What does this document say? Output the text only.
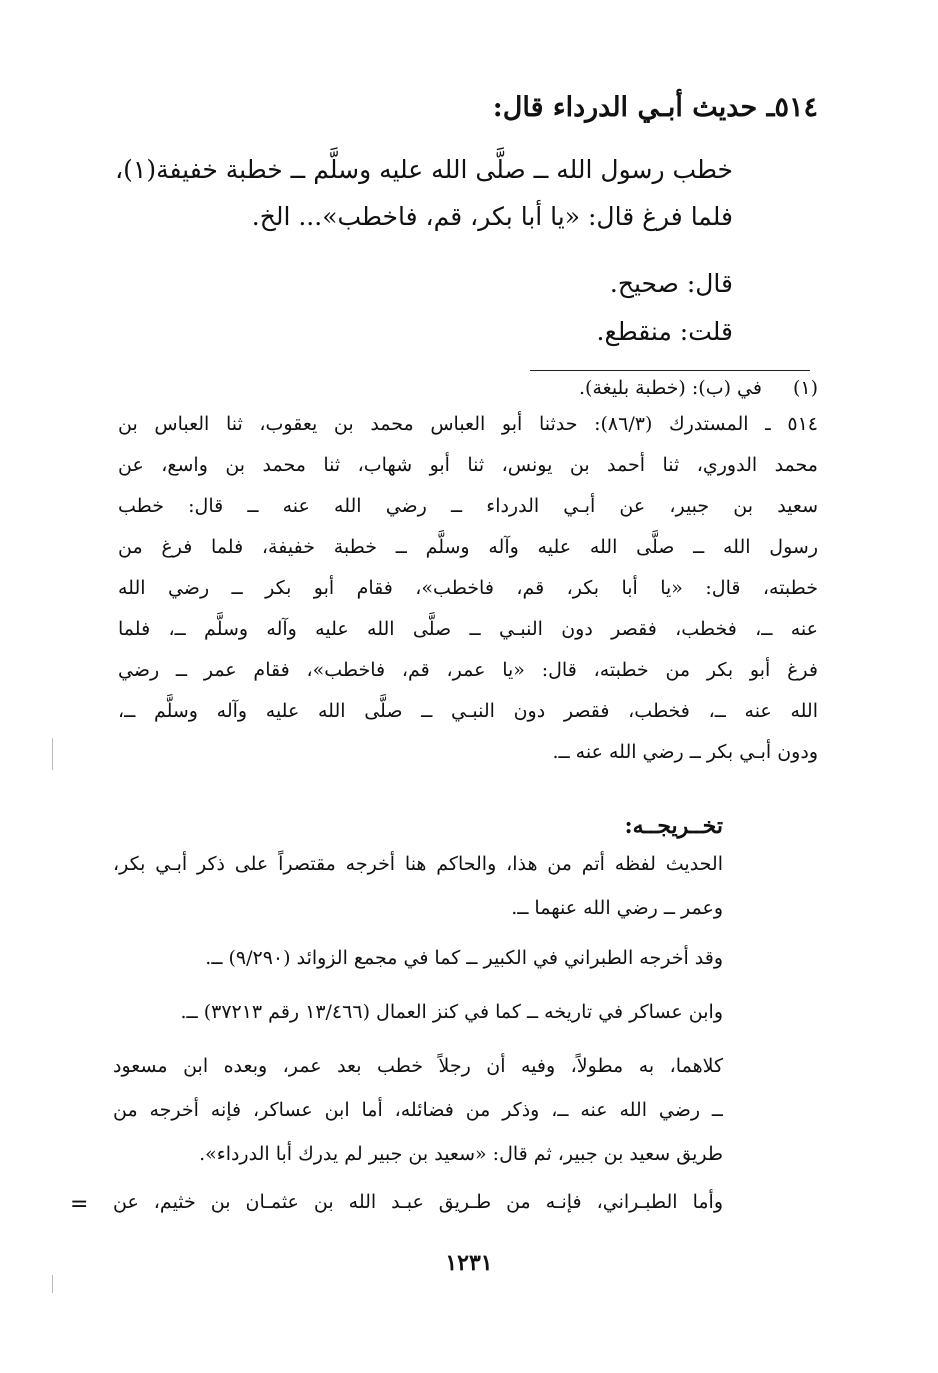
٥١٤ـ حديث أبـي الدرداء قال:
خطب رسول الله ــ صلَّى الله عليه وسلَّم ــ خطبة خفيفة(١)،
فلما فرغ قال: «يا أبا بكر، قم، فاخطب»... الخ.
قال: صحيح.
قلت: منقطع.
(١) في (ب): (خطبة بليغة).
٥١٤ ـ المستدرك (٨٦/٣): حدثنا أبو العباس محمد بن يعقوب، ثنا العباس بن
محمد الدوري، ثنا أحمد بن يونس، ثنا أبو شهاب، ثنا محمد بن واسع، عن
سعيد بن جبير، عن أبـي الدرداء ــ رضي الله عنه ــ قال: خطب
رسول الله ــ صلَّى الله عليه وآله وسلَّم ــ خطبة خفيفة، فلما فرغ من
خطبته، قال: «يا أبا بكر، قم، فاخطب»، فقام أبو بكر ــ رضي الله
عنه ــ، فخطب، فقصر دون النبـي ــ صلَّى الله عليه وآله وسلَّم ــ، فلما
فرغ أبو بكر من خطبته، قال: «يا عمر، قم، فاخطب»، فقام عمر ــ رضي
الله عنه ــ، فخطب، فقصر دون النبـي ــ صلَّى الله عليه وآله وسلَّم ــ،
ودون أبـي بكر ــ رضي الله عنه ــ.
تخــريجــه:
الحديث لفظه أتم من هذا، والحاكم هنا أخرجه مقتصراً على ذكر أبـي بكر،
وعمر ــ رضي الله عنهما ــ.
وقد أخرجه الطبراني في الكبير ــ كما في مجمع الزوائد (٩/٢٩٠) ــ.
وابن عساكر في تاريخه ــ كما في كنز العمال (١٣/٤٦٦ رقم ٣٧٢١٣) ــ.
كلاهما، به مطولاً، وفيه أن رجلاً خطب بعد عمر، وبعده ابن مسعود
ــ رضي الله عنه ــ، وذكر من فضائله، أما ابن عساكر، فإنه أخرجه من
طريق سعيد بن جبير، ثم قال: «سعيد بن جبير لم يدرك أبا الدرداء».
وأما الطبـراني، فإنـه من طـريق عبـد الله بن عثمـان بن خثيم، عن
=
١٢٣١
